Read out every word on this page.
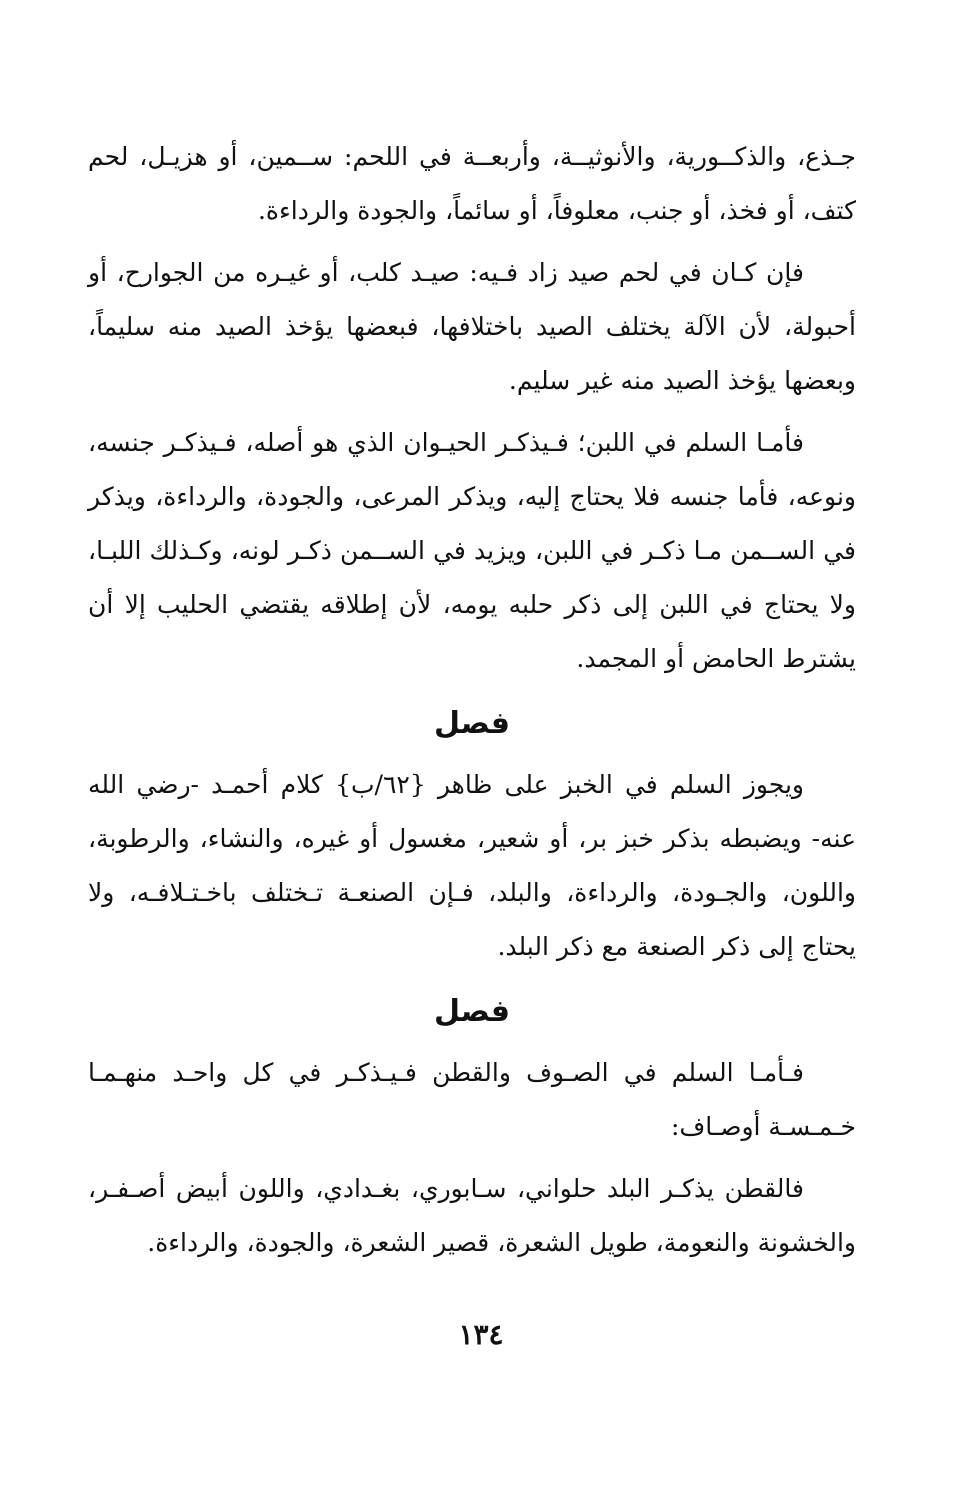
جـذع، والذكــورية، والأنوثيــة، وأربعــة في اللحم: ســمين، أو هزيـل، لحم كتف، أو فخذ، أو جنب، معلوفاً، أو سائماً، والجودة والرداءة.

فإن كـان في لحم صيد زاد فـيه: صيـد كلب، أو غيـره من الجوارح، أو أحبولة، لأن الآلة يختلف الصيد باختلافها، فبعضها يؤخذ الصيد منه سليماً، وبعضها يؤخذ الصيد منه غير سليم.

فأمـا السلم في اللبن؛ فـيذكـر الحيـوان الذي هو أصله، فـيذكـر جنسه، ونوعه، فأما جنسه فلا يحتاج إليه، ويذكر المرعى، والجودة، والرداءة، ويذكر في الســمن مـا ذكـر في اللبن، ويزيد في الســمن ذكـر لونه، وكـذلك اللبـا، ولا يحتاج في اللبن إلى ذكر حلبه يومه، لأن إطلاقه يقتضي الحليب إلا أن يشترط الحامض أو المجمد.

فصل

ويجوز السلم في الخبز على ظاهر {٦٢/ب} كلام أحمـد -رضي الله عنه- ويضبطه بذكر خبز بر، أو شعير، مغسول أو غيره، والنشاء، والرطوبة، واللون، والجـودة، والرداءة، والبلد، فـإن الصنعـة تـختلف باخـتـلافـه، ولا يحتاج إلى ذكر الصنعة مع ذكر البلد.

فصل

فـأمـا السلم في الصـوف والقطن فـيـذكـر في كل واحـد منهـمـا خـمـسـة أوصـاف:

فالقطن يذكـر البلد حلواني، سـابوري، بغـدادي، واللون أبيض أصـفـر، والخشونة والنعومة، طويل الشعرة، قصير الشعرة، والجودة، والرداءة.

١٣٤
